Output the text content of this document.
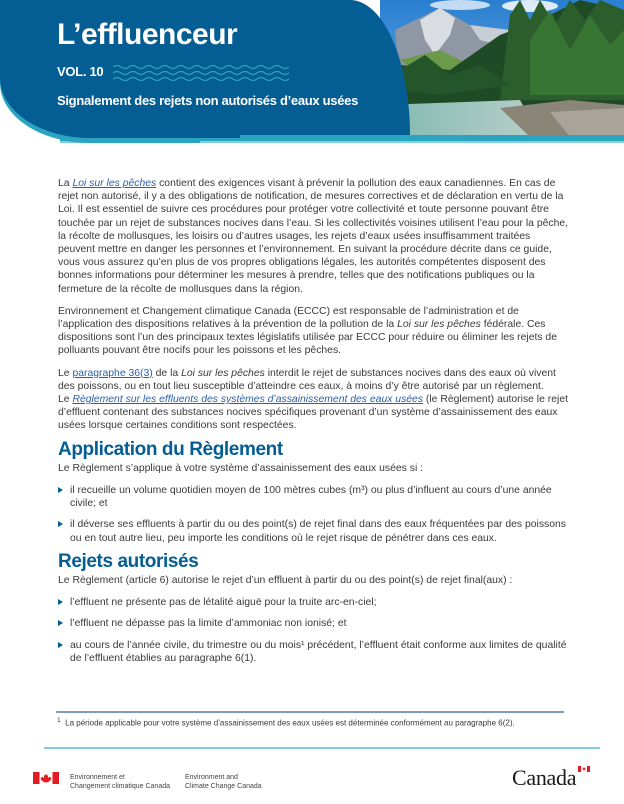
L’effluenceur
VOL. 10
Signalement des rejets non autorisés d’eaux usées

La Loi sur les pêches contient des exigences visant à prévenir la pollution des eaux canadiennes. En cas de rejet non autorisé, il y a des obligations de notification, de mesures correctives et de déclaration en vertu de la Loi. Il est essentiel de suivre ces procédures pour protéger votre collectivité et toute personne pouvant être touchée par un rejet de substances nocives dans l’eau. Si les collectivités voisines utilisent l’eau pour la pêche, la récolte de mollusques, les loisirs ou d’autres usages, les rejets d’eaux usées insuffisamment traitées peuvent mettre en danger les personnes et l’environnement. En suivant la procédure décrite dans ce guide, vous vous assurez qu’en plus de vos propres obligations légales, les autorités compétentes disposent des bonnes informations pour déterminer les mesures à prendre, telles que des notifications publiques ou la fermeture de la récolte de mollusques dans la région.

Environnement et Changement climatique Canada (ECCC) est responsable de l’administration et de l’application des dispositions relatives à la prévention de la pollution de la Loi sur les pêches fédérale. Ces dispositions sont l’un des principaux textes législatifs utilisée par ECCC pour réduire ou éliminer les rejets de polluants pouvant être nocifs pour les poissons et les pêches.

Le paragraphe 36(3) de la Loi sur les pêches interdit le rejet de substances nocives dans des eaux où vivent des poissons, ou en tout lieu susceptible d’atteindre ces eaux, à moins d’y être autorisé par un règlement.
Le Règlement sur les effluents des systèmes d’assainissement des eaux usées (le Règlement) autorise le rejet d’effluent contenant des substances nocives spécifiques provenant d’un système d’assainissement des eaux usées lorsque certaines conditions sont respectées.

Application du Règlement

Le Règlement s’applique à votre système d’assainissement des eaux usées si :

il recueille un volume quotidien moyen de 100 mètres cubes (m³) ou plus d’influent au cours d’une année civile; et
il déverse ses effluents à partir du ou des point(s) de rejet final dans des eaux fréquentées par des poissons ou en tout autre lieu, peu importe les conditions où le rejet risque de pénétrer dans ces eaux.
Rejets autorisés

Le Règlement (article 6) autorise le rejet d’un effluent à partir du ou des point(s) de rejet final(aux) :

l’effluent ne présente pas de létalité aiguë pour la truite arc-en-ciel;
l’effluent ne dépasse pas la limite d’ammoniac non ionisé; et
au cours de l’année civile, du trimestre ou du mois¹ précédent, l’effluent était conforme aux limites de qualité de l’effluent établies au paragraphe 6(1).
$^1$ La période applicable pour votre système d’assainissement des eaux usées est déterminée conformément au paragraphe 6(2).
Environnement et
Changement climatique Canada
Environment and
Climate Change Canada	Canada
